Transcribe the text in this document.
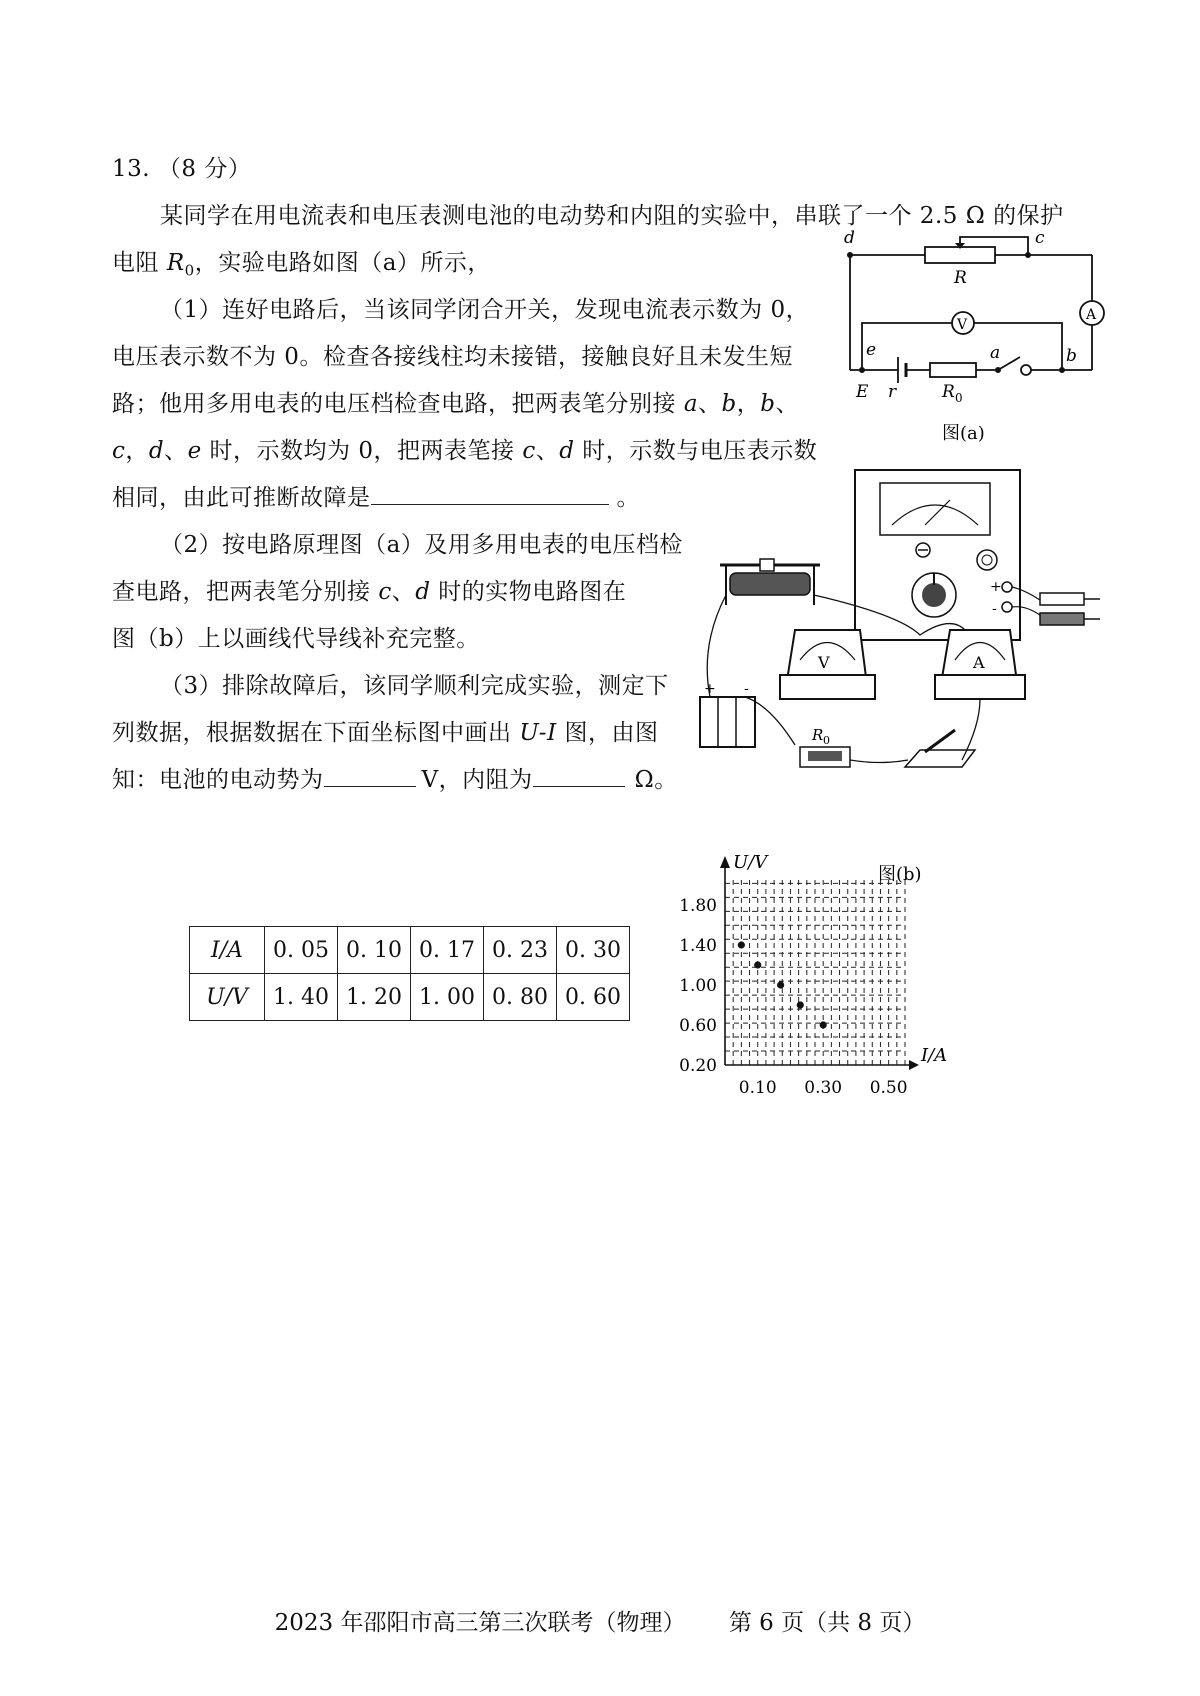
13. （8 分）
某同学在用电流表和电压表测电池的电动势和内阻的实验中，串联了一个 2.5 Ω 的保护
电阻 $R_0$，实验电路如图（a）所示，
（1）连好电路后，当该同学闭合开关，发现电流表示数为 0，
电压表示数不为 0。检查各接线柱均未接错，接触良好且未发生短
路；他用多用电表的电压档检查电路，把两表笔分别接 a、b，b、
c，d、e 时，示数均为 0，把两表笔接 c、d 时，示数与电压表示数
相同，由此可推断故障是	。
（2）按电路原理图（a）及用多用电表的电压档检
查电路，把两表笔分别接 c、d 时的实物电路图在
图（b）上以画线代导线补充完整。
（3）排除故障后，该同学顺利完成实验，测定下
列数据，根据数据在下面坐标图中画出 U-I 图，由图
知：电池的电动势为	V，内阻为	Ω。
d	c
R
V
A
e	a	b
E r	R 0
图(a)
+
-
V	A
+ -
R 0
图(b)
I/A	0. 05	0. 10	0. 17	0. 23	0. 30
U/V	1. 40	1. 20	1. 00	0. 80	0. 60
1.80
1.40
1.00
0.60
0.20
0.10 0.30 0.50
U/V
I/A
2023 年邵阳市高三第三次联考（物理） 第 6 页（共 8 页）
